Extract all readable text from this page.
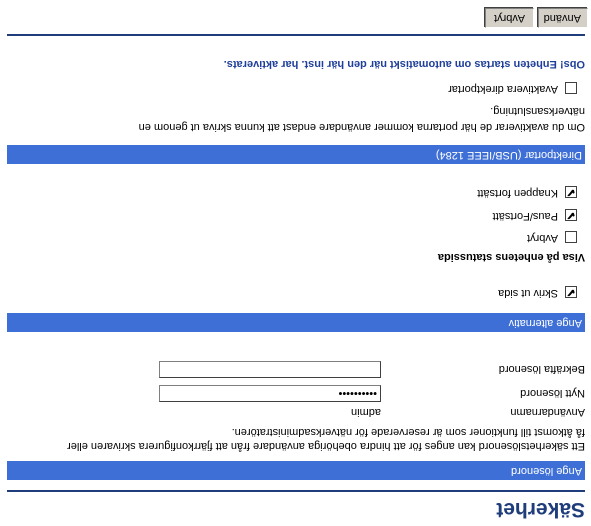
Säkerhet
Ange lösenord
Ett säkerhetslösenord kan anges för att hindra obehöriga användare från att fjärrkonfigurera skrivaren eller
få åtkomst till funktioner som är reserverade för nätverksadministratören.
Användarnamn
admin
Nytt lösenord
••••••••••
Bekräfta lösenord
Ange alternativ
✔
Skriv ut sida
Visa på enhetens statussida
Avbryt
✔
Paus/Fortsätt
✔
Knappen fortsätt
Direktportar (USB/IEEE 1284)
Om du avaktiverar de här portarna kommer användare endast att kunna skriva ut genom en
nätverksanslutning.
Avaktivera direktportar
Obs! Enheten startas om automatiskt när den här inst. har aktiverats.
Avbryt	Använd
